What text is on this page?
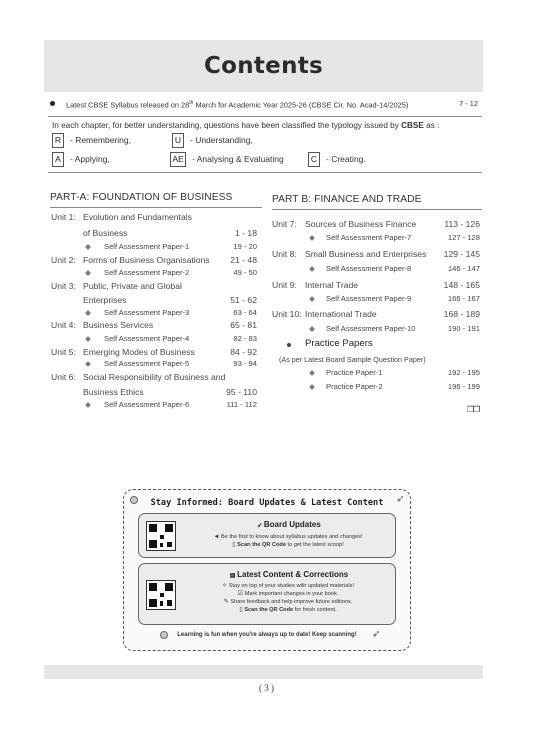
Contents
Latest CBSE Syllabus released on 28th March for Academic Year 2025-26 (CBSE Cir. No. Acad-14/2025)	7 - 12
In each chapter, for better understanding, questions have been classified the typology issued by CBSE as :
R	- Remembering,	U	- Understanding,
A	- Applying,	AE - Analysing & Evaluating	C	- Creating.
PART-A: FOUNDATION OF BUSINESS
Unit 1: Evolution and Fundamentals
of Business	1 - 18
Self Assessment Paper-1	19 - 20
Unit 2: Forms of Business Organisations 21 - 48
Self Assessment Paper-2	49 - 50
Unit 3: Public, Private and Global
Enterprises	51 - 62
Self Assessment Paper-3	63 - 64
Unit 4: Business Services	65 - 81
Self Assessment Paper-4	82 - 83
Unit 5: Emerging Modes of Business	84 - 92
Self Assessment Paper-5	93 - 94
Unit 6: Social Responsibility of Business and
Business Ethics	95 - 110
Self Assessment Paper-6	111 - 112
PART B: FINANCE AND TRADE
Unit 7: Sources of Business Finance	113 - 126
Self Assessment Paper-7	127 - 128
Unit 8: Small Business and Enterprises 129 - 145
Self Assessment Paper-8	146 - 147
Unit 9: Internal Trade	148 - 165
Self Assessment Paper-9	166 - 167
Unit 10: International Trade	168 - 189
Self Assessment Paper-10	190 - 191
Practice Papers
(As per Latest Board Sample Question Paper)
Practice Paper-1	192 - 195
Practice Paper-2	196 - 199
❐❐
➶
Stay Informed: Board Updates & Latest Content
➶ Board Updates
◄ Be the first to know about syllabus updates and changes!
▯ Scan the QR Code to get the latest scoop!
▤ Latest Content & Corrections
✧ Stay on top of your studies with updated materials!
☑ Mark important changes in your book.
✎ Share feedback and help improve future editions.
▯ Scan the QR Code for fresh content.
Learning is fun when you're always up to date! Keep scanning!	➶
( 3 )
